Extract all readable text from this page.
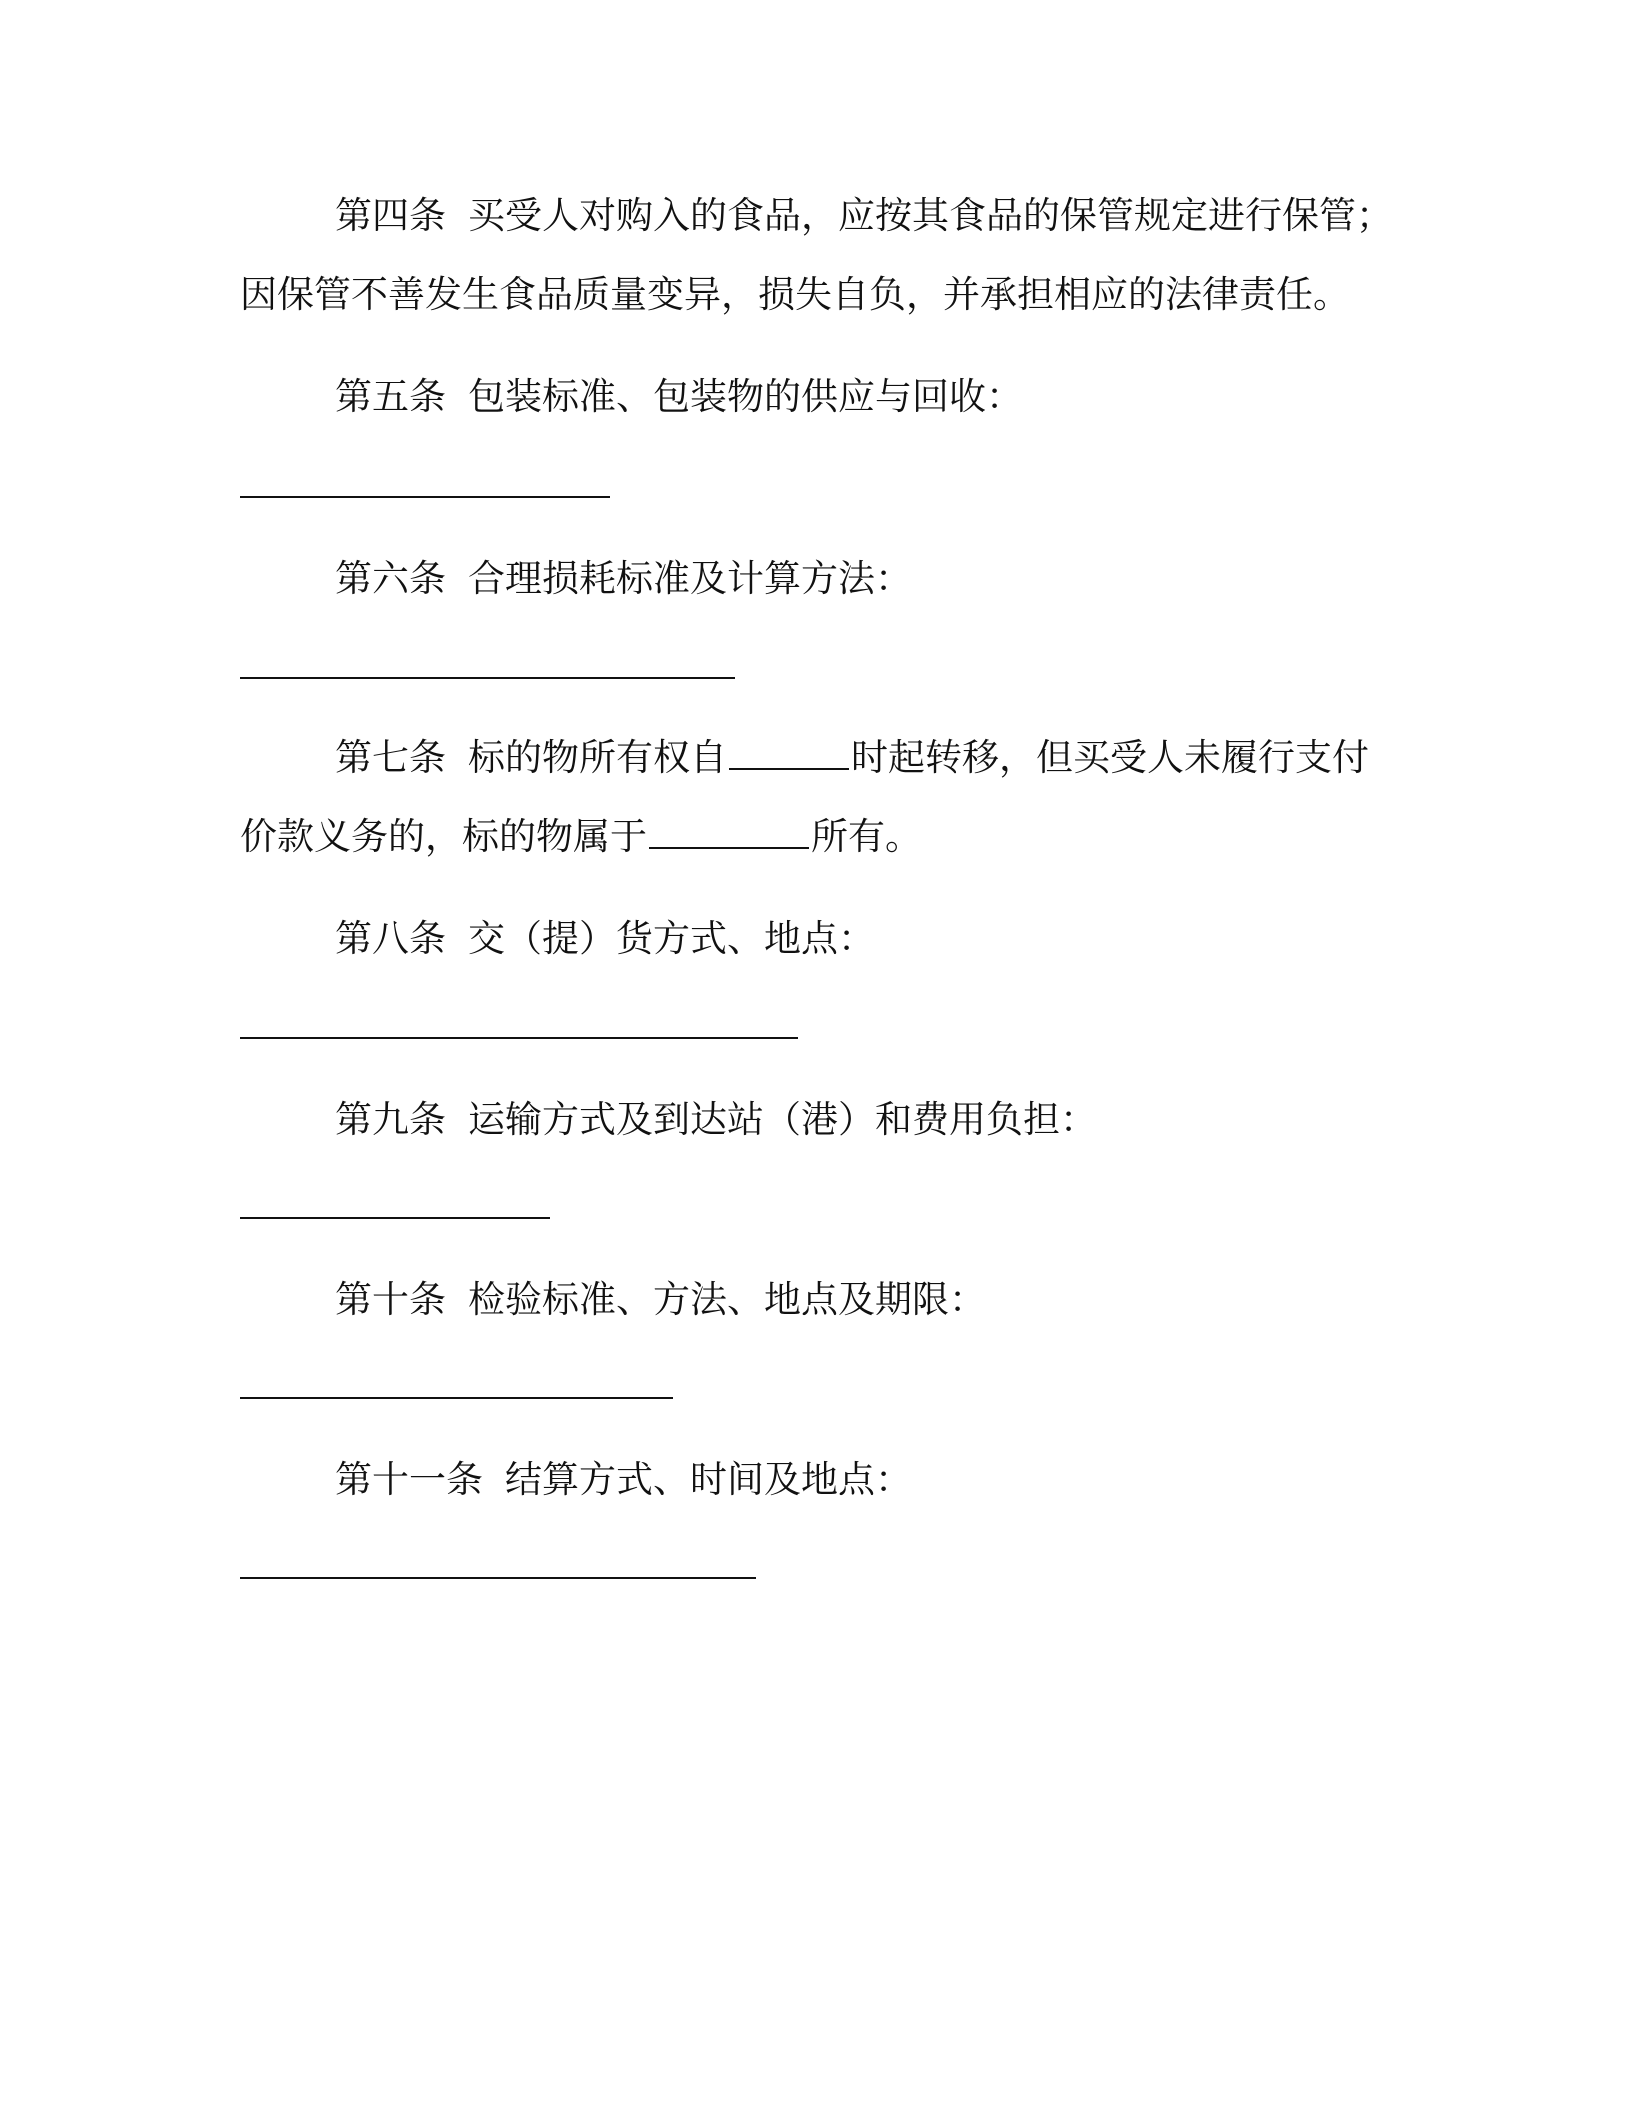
第四条 买受人对购入的食品，应按其食品的保管规定进行保管；
因保管不善发生食品质量变异，损失自负，并承担相应的法律责任。
第五条 包装标准、包装物的供应与回收：
第六条 合理损耗标准及计算方法：
第七条 标的物所有权自	时起转移，但买受人未履行支付
价款义务的，标的物属于	所有。
第八条 交（提）货方式、地点：
第九条 运输方式及到达站（港）和费用负担：
第十条 检验标准、方法、地点及期限：
第十一条 结算方式、时间及地点：
